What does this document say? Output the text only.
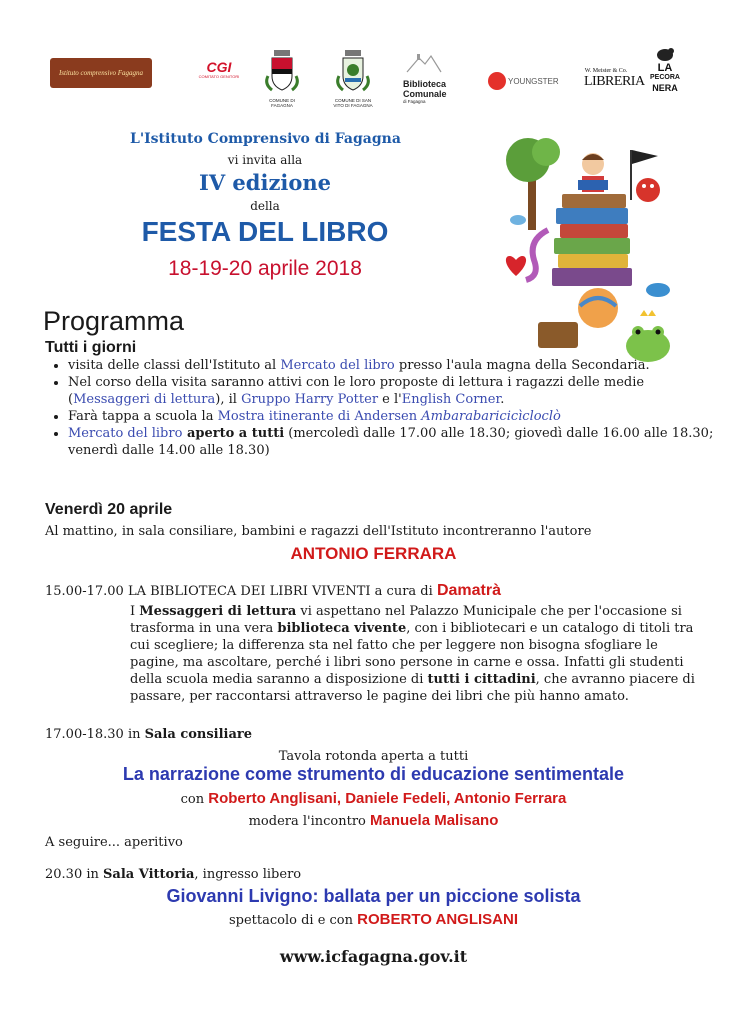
Istituto comprensivo Fagagna	CGI
COMITATO GENITORI
COMUNE DI FAGAGNA
COMUNE DI SAN VITO DI FAGAGNA
Biblioteca
Comunale
di Fagagna
YOUNGSTER
W. Meister & Co.
LIBRERIA
LA
PECORA
NERA
L'Istituto Comprensivo di Fagagna
vi invita alla
IV edizione
della
FESTA DEL LIBRO
18-19-20 aprile 2018
Programma
Tutti i giorni
• visita delle classi dell'Istituto al Mercato del libro presso l'aula magna della Secondaria.
• Nel corso della visita saranno attivi con le loro proposte di lettura i ragazzi delle medie (Messaggeri di lettura), il Gruppo Harry Potter e l'English Corner.
• Farà tappa a scuola la Mostra itinerante di Andersen Ambarabaricicìcloclò
• Mercato del libro aperto a tutti (mercoledì dalle 17.00 alle 18.30; giovedì dalle 16.00 alle 18.30; venerdì dalle 14.00 alle 18.30)
Venerdì 20 aprile
Al mattino, in sala consiliare, bambini e ragazzi dell'Istituto incontreranno l'autore
ANTONIO FERRARA
15.00-17.00 LA BIBLIOTECA DEI LIBRI VIVENTI a cura di Damatrà

I Messaggeri di lettura vi aspettano nel Palazzo Municipale che per l'occasione si trasforma in una vera biblioteca vivente, con i bibliotecari e un catalogo di titoli tra cui scegliere; la differenza sta nel fatto che per leggere non bisogna sfogliare le pagine, ma ascoltare, perché i libri sono persone in carne e ossa. Infatti gli studenti della scuola media saranno a disposizione di tutti i cittadini, che avranno piacere di passare, per raccontarsi attraverso le pagine dei libri che più hanno amato.

17.00-18.30 in Sala consiliare
Tavola rotonda aperta a tutti
La narrazione come strumento di educazione sentimentale
con Roberto Anglisani, Daniele Fedeli, Antonio Ferrara
modera l'incontro Manuela Malisano
A seguire... aperitivo
20.30 in Sala Vittoria, ingresso libero
Giovanni Livigno: ballata per un piccione solista
spettacolo di e con ROBERTO ANGLISANI
www.icfagagna.gov.it
